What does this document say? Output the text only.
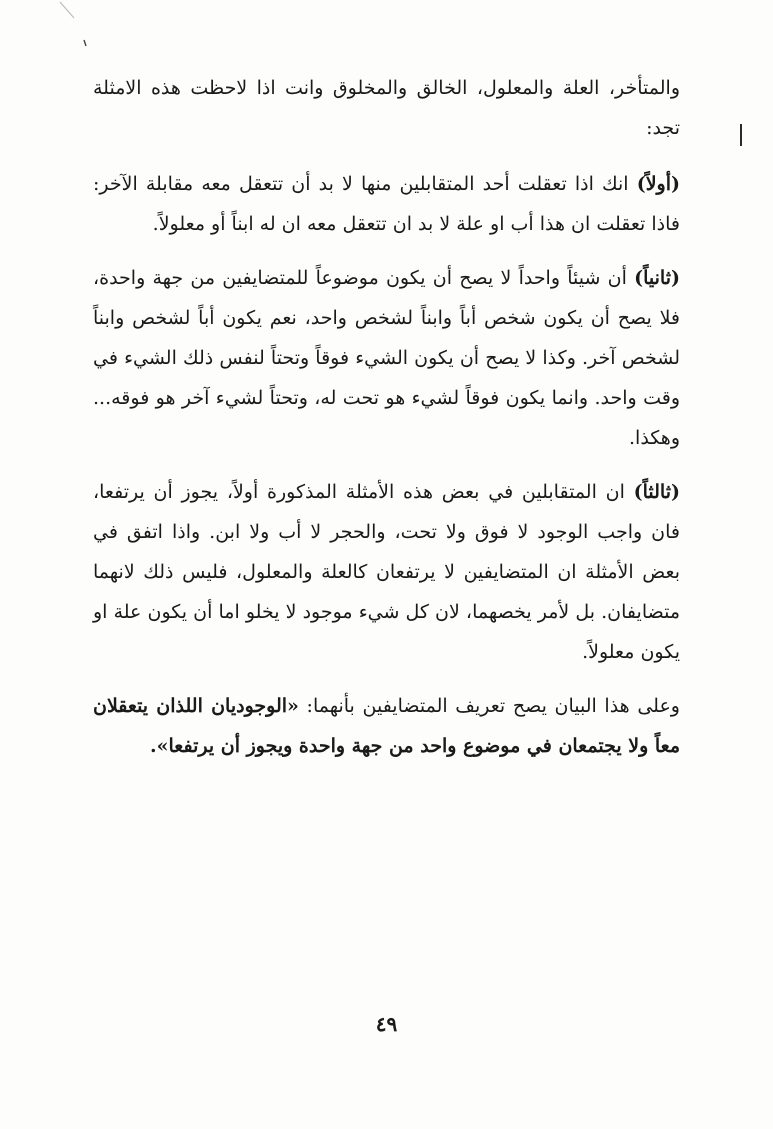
والمتأخر، العلة والمعلول، الخالق والمخلوق وانت اذا لاحظت هذه الامثلة تجد:

(أولاً) انك اذا تعقلت أحد المتقابلين منها لا بد أن تتعقل معه مقابلة الآخر: فاذا تعقلت ان هذا أب او علة لا بد ان تتعقل معه ان له ابناً أو معلولاً.

(ثانياً) أن شيئاً واحداً لا يصح أن يكون موضوعاً للمتضايفين من جهة واحدة، فلا يصح أن يكون شخص أباً وابناً لشخص واحد، نعم يكون أباً لشخص وابناً لشخص آخر. وكذا لا يصح أن يكون الشيء فوقاً وتحتاً لنفس ذلك الشيء في وقت واحد. وانما يكون فوقاً لشيء هو تحت له، وتحتاً لشيء آخر هو فوقه... وهكذا.

(ثالثاً) ان المتقابلين في بعض هذه الأمثلة المذكورة أولاً، يجوز أن يرتفعا، فان واجب الوجود لا فوق ولا تحت، والحجر لا أب ولا ابن. واذا اتفق في بعض الأمثلة ان المتضايفين لا يرتفعان كالعلة والمعلول، فليس ذلك لانهما متضايفان. بل لأمر يخصهما، لان كل شيء موجود لا يخلو اما أن يكون علة او يكون معلولاً.

وعلى هذا البيان يصح تعريف المتضايفين بأنهما: «الوجوديان اللذان يتعقلان معاً ولا يجتمعان في موضوع واحد من جهة واحدة ويجوز أن يرتفعا».

٤٩
